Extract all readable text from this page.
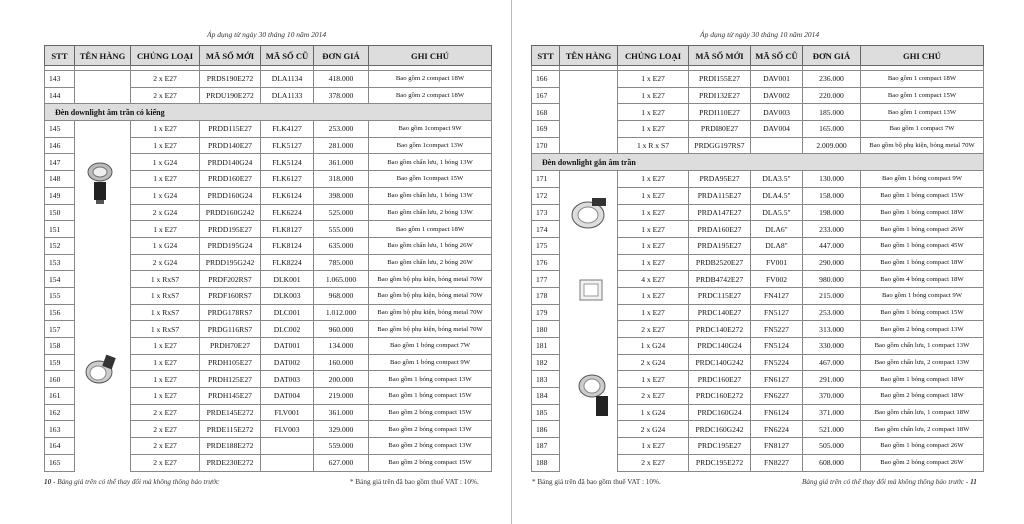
Áp dụng từ ngày 30 tháng 10 năm 2014
STT	TÊN HÀNG	CHỦNG LOẠI	MÃ SỐ MỚI	MÃ SỐ CŨ	ĐƠN GIÁ	GHI CHÚ

143		2 x E27	PRDS190E272	DLA1134	418.000	Bao gồm 2 compact 18W
144		2 x E27	PRDU190E272	DLA1133	378.000	Bao gồm 2 compact 18W
Đèn downlight âm trần có kiếng						
145		1 x E27	PRDD115E27	FLK4127	253.000	Bao gồm 1compact 9W
146		1 x E27	PRDD140E27	FLK5127	281.000	Bao gồm 1compact 13W
147		1 x G24	PRDD140G24	FLK5124	361.000	Bao gồm chấn lưu, 1 bóng 13W
148		1 x E27	PRDD160E27	FLK6127	318.000	Bao gồm 1compact 15W
149		1 x G24	PRDD160G24	FLK6124	398.000	Bao gồm chấn lưu, 1 bóng 13W
150		2 x G24	PRDD160G242	FLK6224	525.000	Bao gồm chấn lưu, 2 bóng 13W
151		1 x E27	PRDD195E27	FLK8127	555.000	Bao gồm 1 compact 18W
152		1 x G24	PRDD195G24	FLK8124	635.000	Bao gồm chấn lưu, 1 bóng 26W
153		2 x G24	PRDD195G242	FLK8224	785.000	Bao gồm chấn lưu, 2 bóng 26W
154		1 x RxS7	PRDF202RS7	DLK001	1.065.000	Bao gồm bộ phụ kiện, bóng metal 70W
155		1 x RxS7	PRDF160RS7	DLK003	968.000	Bao gồm bộ phụ kiện, bóng metal 70W
156		1 x RxS7	PRDG178RS7	DLC001	1.012.000	Bao gồm bộ phụ kiện, bóng metal 70W
157		1 x RxS7	PRDG116RS7	DLC002	960.000	Bao gồm bộ phụ kiện, bóng metal 70W
158		1 x E27	PRDH70E27	DAT001	134.000	Bao gồm 1 bóng compact 7W
159		1 x E27	PRDH105E27	DAT002	160.000	Bao gồm 1 bóng compact 9W
160		1 x E27	PRDH125E27	DAT003	200.000	Bao gồm 1 bóng compact 13W
161		1 x E27	PRDH145E27	DAT004	219.000	Bao gồm 1 bóng compact 15W
162		2 x E27	PRDE145E272	FLV001	361.000	Bao gồm 2 bóng compact 15W
163		2 x E27	PRDE115E272	FLV003	329.000	Bao gồm 2 bóng compact 13W
164		2 x E27	PRDE188E272		559.000	Bao gồm 2 bóng compact 13W
165		2 x E27	PRDE230E272		627.000	Bao gồm 2 bóng compact 15W
10 - Bảng giá trên có thể thay đổi mà không thông báo trước	* Bảng giá trên đã bao gồm thuế VAT : 10%.
Áp dụng từ ngày 30 tháng 10 năm 2014
STT	TÊN HÀNG	CHỦNG LOẠI	MÃ SỐ MỚI	MÃ SỐ CŨ	ĐƠN GIÁ	GHI CHÚ

166		1 x E27	PRDI155E27	DAV001	236.000	Bao gồm 1 compact 18W
167		1 x E27	PRDI132E27	DAV002	220.000	Bao gồm 1 compact 15W
168		1 x E27	PRDI110E27	DAV003	185.000	Bao gồm 1 compact 13W
169		1 x E27	PRDI80E27	DAV004	165.000	Bao gồm 1 compact 7W
170		1 x R x S7	PRDGG197RS7		2.009.000	Bao gồm bộ phụ kiện, bóng metal 70W
Đèn downlight gắn âm trần						
171		1 x E27	PRDA95E27	DLA3.5"	130.000	Bao gồm 1 bóng compact 9W
172		1 x E27	PRDA115E27	DLA4.5"	158.000	Bao gồm 1 bóng compact 15W
173		1 x E27	PRDA147E27	DLA5.5"	198.000	Bao gồm 1 bóng compact 18W
174		1 x E27	PRDA160E27	DLA6"	233.000	Bao gồm 1 bóng compact 26W
175		1 x E27	PRDA195E27	DLA8"	447.000	Bao gồm 1 bóng compact 45W
176		1 x E27	PRDB2520E27	FV001	290.000	Bao gồm 1 bóng compact 18W
177		4 x E27	PRDB4742E27	FV002	980.000	Bao gồm 4 bóng compact 18W
178		1 x E27	PRDC115E27	FN4127	215.000	Bao gồm 1 bóng compact 9W
179		1 x E27	PRDC140E27	FN5127	253.000	Bao gồm 1 bóng compact 15W
180		2 x E27	PRDC140E272	FN5227	313.000	Bao gồm 2 bóng compact 13W
181		1 x G24	PRDC140G24	FN5124	330.000	Bao gồm chấn lưu, 1 compact 13W
182		2 x G24	PRDC140G242	FN5224	467.000	Bao gồm chấn lưu, 2 compact 13W
183		1 x E27	PRDC160E27	FN6127	291.000	Bao gồm 1 bóng compact 18W
184		2 x E27	PRDC160E272	FN6227	370.000	Bao gồm 2 bóng compact 18W
185		1 x G24	PRDC160G24	FN6124	371.000	Bao gồm chấn lưu, 1 compact 18W
186		2 x G24	PRDC160G242	FN6224	521.000	Bao gồm chấn lưu, 2 compact 18W
187		1 x E27	PRDC195E27	FN8127	505.000	Bao gồm 1 bóng compact 26W
188		2 x E27	PRDC195E272	FN8227	608.000	Bao gồm 2 bóng compact 26W
* Bảng giá trên đã bao gồm thuế VAT : 10%.	Bảng giá trên có thể thay đổi mà không thông báo trước - 11
